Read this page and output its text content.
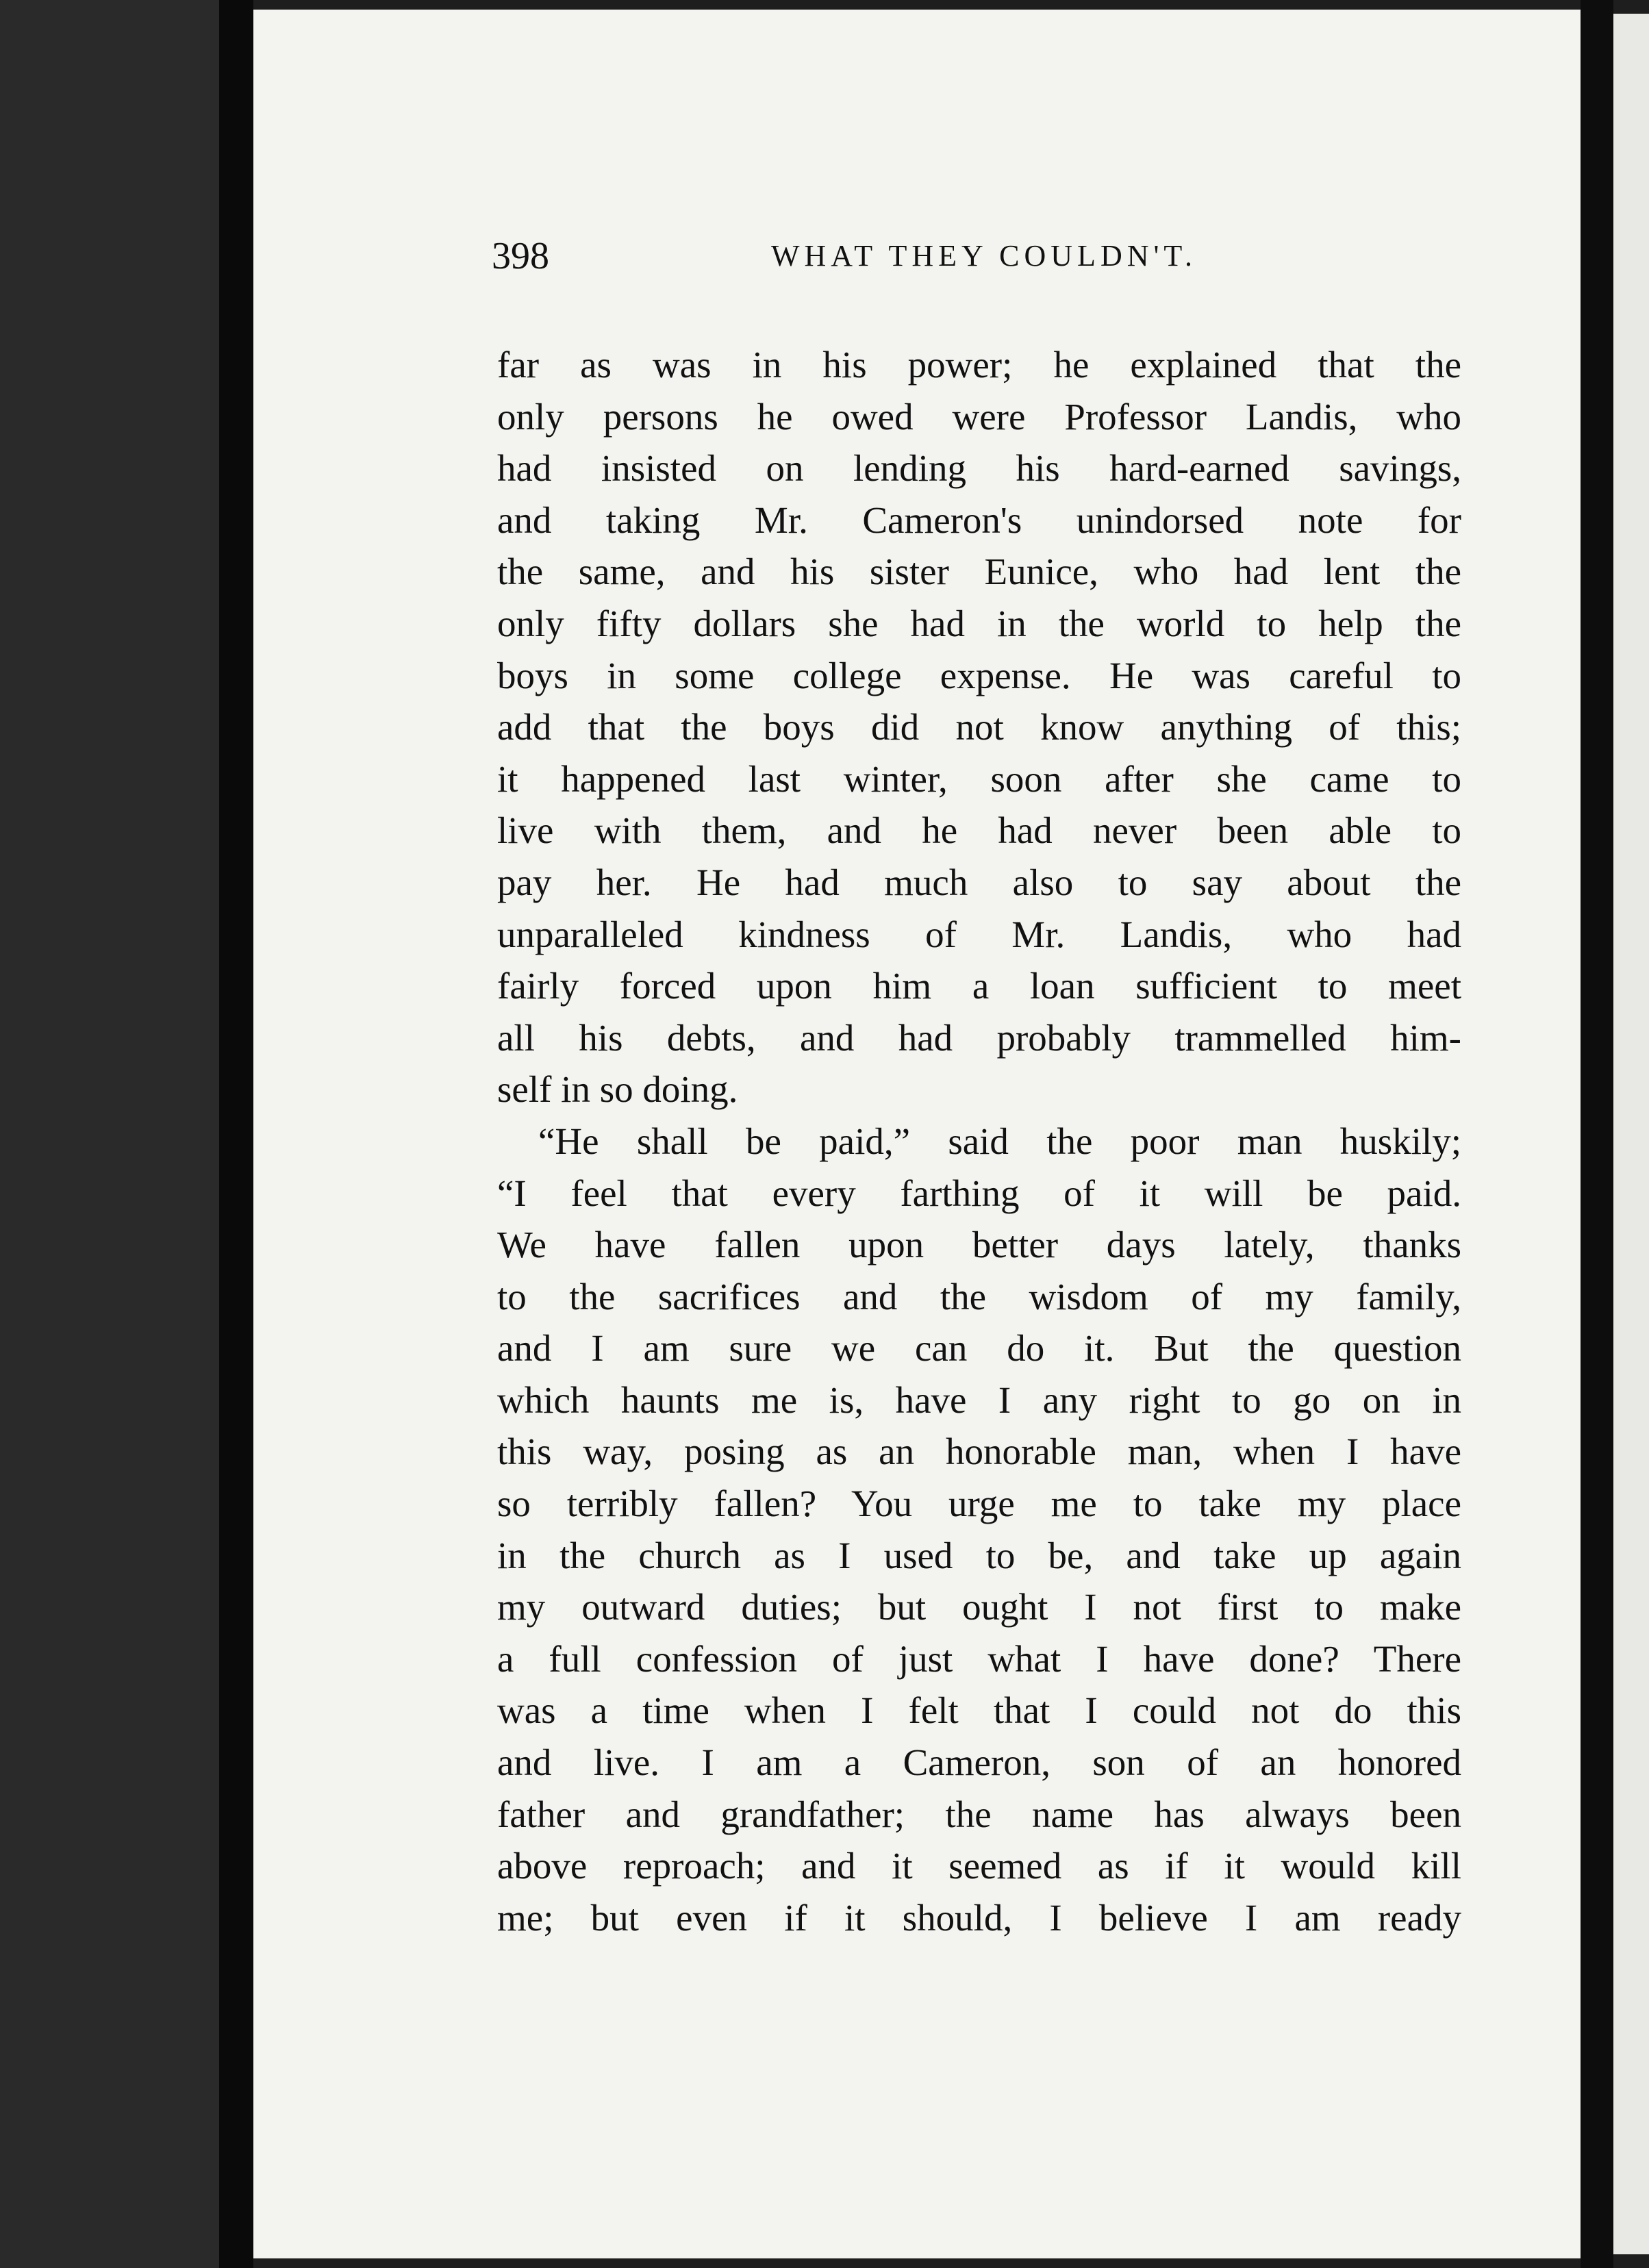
398	WHAT THEY COULDN'T.
far as was in his power; he explained that the
only persons he owed were Professor Landis, who
had insisted on lending his hard-earned savings,
and taking Mr. Cameron's unindorsed note for
the same, and his sister Eunice, who had lent the
only fifty dollars she had in the world to help the
boys in some college expense. He was careful to
add that the boys did not know anything of this;
it happened last winter, soon after she came to
live with them, and he had never been able to
pay her. He had much also to say about the
unparalleled kindness of Mr. Landis, who had
fairly forced upon him a loan sufficient to meet
all his debts, and had probably trammelled him-
self in so doing.
“He shall be paid,” said the poor man huskily;
“I feel that every farthing of it will be paid.
We have fallen upon better days lately, thanks
to the sacrifices and the wisdom of my family,
and I am sure we can do it. But the question
which haunts me is, have I any right to go on in
this way, posing as an honorable man, when I have
so terribly fallen? You urge me to take my place
in the church as I used to be, and take up again
my outward duties; but ought I not first to make
a full confession of just what I have done? There
was a time when I felt that I could not do this
and live. I am a Cameron, son of an honored
father and grandfather; the name has always been
above reproach; and it seemed as if it would kill
me; but even if it should, I believe I am ready
